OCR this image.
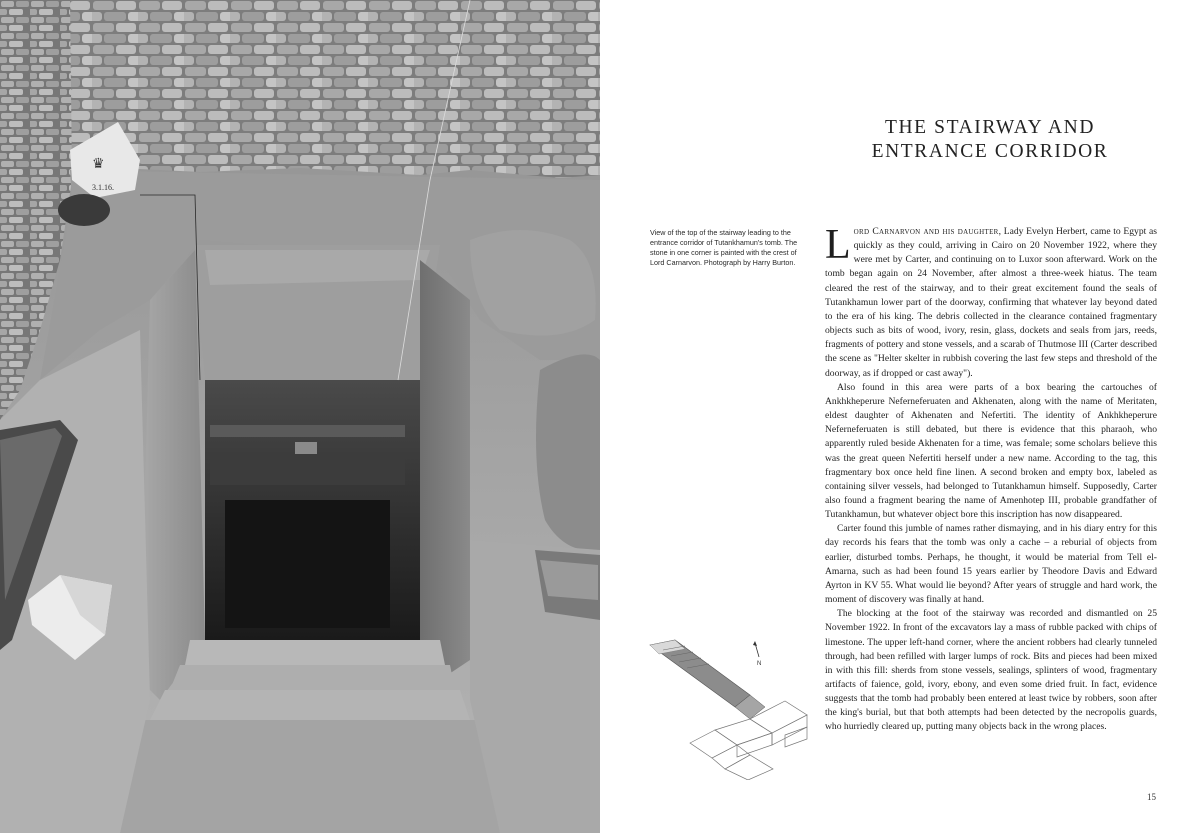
♛
3.1.16.
THE STAIRWAY AND
ENTRANCE CORRIDOR
View of the top of the stairway leading to the entrance corridor of Tutankhamun's tomb. The stone in one corner is painted with the crest of Lord Carnarvon. Photograph by Harry Burton. Lord Carnarvon and his daughter, Lady Evelyn Herbert, came to Egypt as quickly as they could, arriving in Cairo on 20 November 1922, where they were met by Carter, and continuing on to Luxor soon afterward. Work on the tomb began again on 24 November, after almost a three-week hiatus. The team cleared the rest of the stairway, and to their great excitement found the seals of Tutankhamun lower part of the doorway, confirming that whatever lay beyond dated to the era of his king. The debris collected in the clearance contained fragmentary objects such as bits of wood, ivory, resin, glass, dockets and seals from jars, reeds, fragments of pottery and stone vessels, and a scarab of Thutmose III (Carter described the scene as "Helter skelter in rubbish covering the last few steps and threshold of the doorway, as if dropped or cast away").

Also found in this area were parts of a box bearing the cartouches of Ankhkheperure Neferneferuaten and Akhenaten, along with the name of Meritaten, eldest daughter of Akhenaten and Nefertiti. The identity of Ankhkheperure Neferneferuaten is still debated, but there is evidence that this pharaoh, who apparently ruled beside Akhenaten for a time, was female; some scholars believe this was the great queen Nefertiti herself under a new name. According to the tag, this fragmentary box once held fine linen. A second broken and empty box, labeled as containing silver vessels, had belonged to Tutankhamun himself. Supposedly, Carter also found a fragment bearing the name of Amenhotep III, probable grandfather of Tutankhamun, but whatever object bore this inscription has now disappeared.

Carter found this jumble of names rather dismaying, and in his diary entry for this day records his fears that the tomb was only a cache – a reburial of objects from earlier, disturbed tombs. Perhaps, he thought, it would be material from Tell el-Amarna, such as had been found 15 years earlier by Theodore Davis and Edward Ayrton in KV 55. What would lie beyond? After years of struggle and hard work, the moment of discovery was finally at hand.

The blocking at the foot of the stairway was recorded and dismantled on 25 November 1922. In front of the excavators lay a mass of rubble packed with chips of limestone. The upper left-hand corner, where the ancient robbers had clearly tunneled through, had been refilled with larger lumps of rock. Bits and pieces had been mixed in with this fill: sherds from stone vessels, sealings, splinters of wood, fragmentary artifacts of faience, gold, ivory, ebony, and even some dried fruit. In fact, evidence suggests that the tomb had probably been entered at least twice by robbers, soon after the king's burial, but that both attempts had been detected by the necropolis guards, who hurriedly cleared up, putting many objects back in the wrong places.

N
15
